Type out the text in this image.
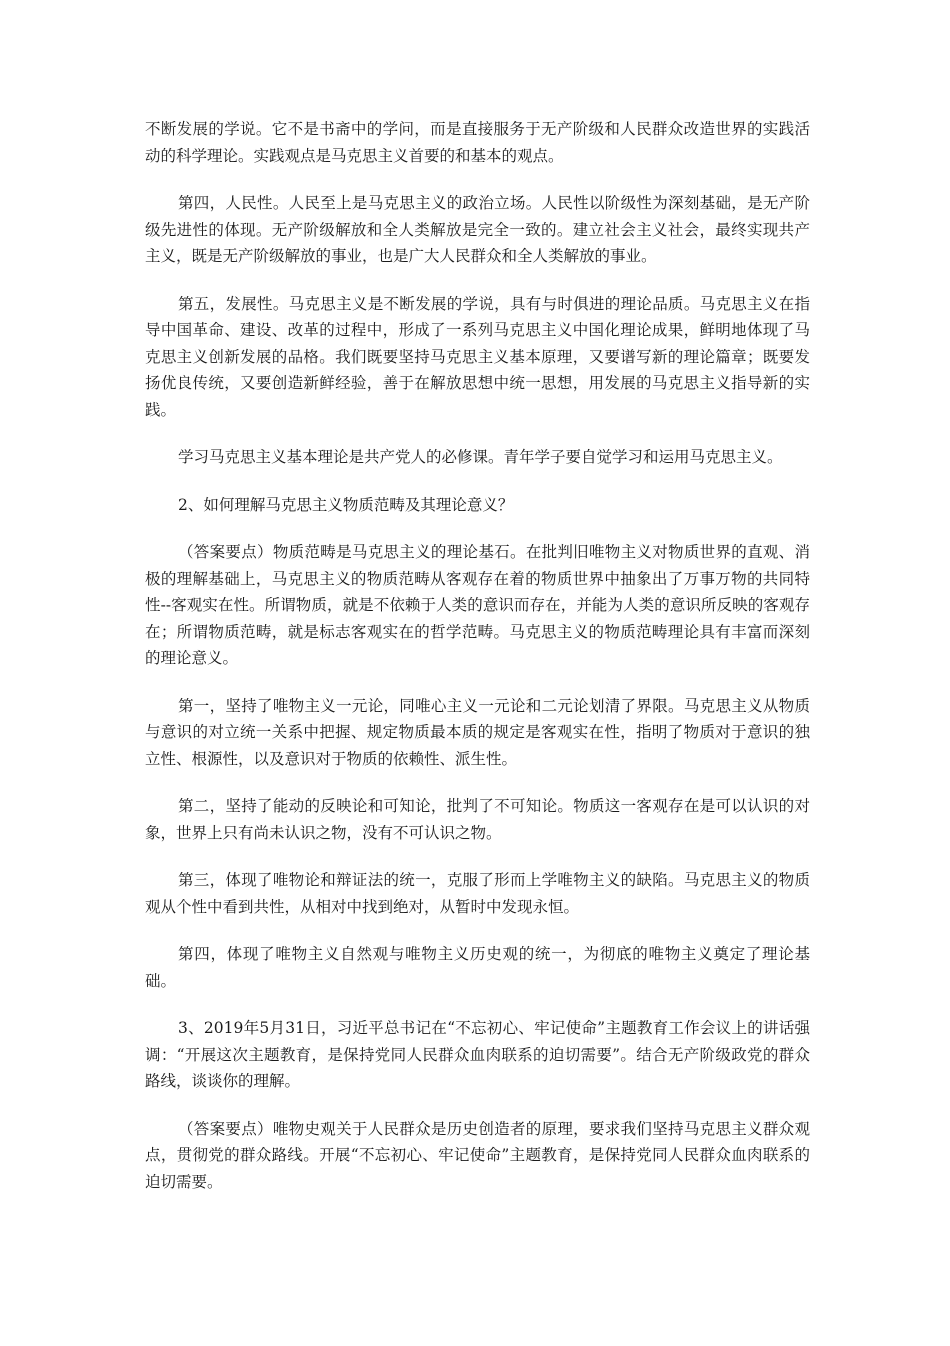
不断发展的学说。它不是书斋中的学问，而是直接服务于无产阶级和人民群众改造世界的实践活动的科学理论。实践观点是马克思主义首要的和基本的观点。

第四，人民性。人民至上是马克思主义的政治立场。人民性以阶级性为深刻基础，是无产阶级先进性的体现。无产阶级解放和全人类解放是完全一致的。建立社会主义社会，最终实现共产主义，既是无产阶级解放的事业，也是广大人民群众和全人类解放的事业。

第五，发展性。马克思主义是不断发展的学说，具有与时俱进的理论品质。马克思主义在指导中国革命、建设、改革的过程中，形成了一系列马克思主义中国化理论成果，鲜明地体现了马克思主义创新发展的品格。我们既要坚持马克思主义基本原理，又要谱写新的理论篇章；既要发扬优良传统，又要创造新鲜经验，善于在解放思想中统一思想，用发展的马克思主义指导新的实践。

学习马克思主义基本理论是共产党人的必修课。青年学子要自觉学习和运用马克思主义。

2、如何理解马克思主义物质范畴及其理论意义？

（答案要点）物质范畴是马克思主义的理论基石。在批判旧唯物主义对物质世界的直观、消极的理解基础上，马克思主义的物质范畴从客观存在着的物质世界中抽象出了万事万物的共同特性--客观实在性。所谓物质，就是不依赖于人类的意识而存在，并能为人类的意识所反映的客观存在；所谓物质范畴，就是标志客观实在的哲学范畴。马克思主义的物质范畴理论具有丰富而深刻的理论意义。

第一，坚持了唯物主义一元论，同唯心主义一元论和二元论划清了界限。马克思主义从物质与意识的对立统一关系中把握、规定物质最本质的规定是客观实在性，指明了物质对于意识的独立性、根源性，以及意识对于物质的依赖性、派生性。

第二，坚持了能动的反映论和可知论，批判了不可知论。物质这一客观存在是可以认识的对象，世界上只有尚未认识之物，没有不可认识之物。

第三，体现了唯物论和辩证法的统一，克服了形而上学唯物主义的缺陷。马克思主义的物质观从个性中看到共性，从相对中找到绝对，从暂时中发现永恒。

第四，体现了唯物主义自然观与唯物主义历史观的统一，为彻底的唯物主义奠定了理论基础。

3、2019年5月31日，习近平总书记在“不忘初心、牢记使命”主题教育工作会议上的讲话强调：“开展这次主题教育，是保持党同人民群众血肉联系的迫切需要”。结合无产阶级政党的群众路线，谈谈你的理解。

（答案要点）唯物史观关于人民群众是历史创造者的原理，要求我们坚持马克思主义群众观点，贯彻党的群众路线。开展“不忘初心、牢记使命”主题教育，是保持党同人民群众血肉联系的迫切需要。
